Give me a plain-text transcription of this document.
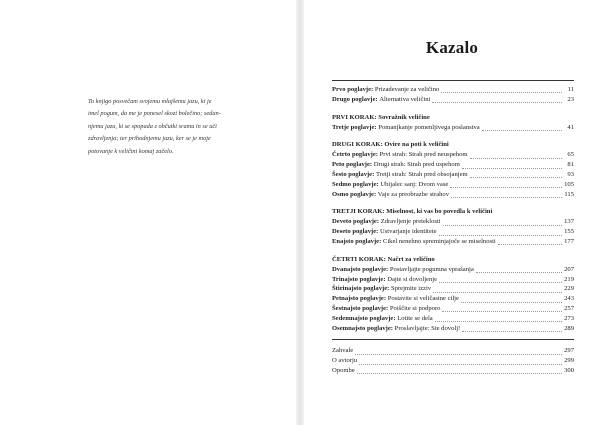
To knjigo posvečam svojemu mlajšemu jazu, ki je
imel pogum, da me je ponesel skozi bolečino; sedan-
njemu jazu, ki se spopada z občutki sramu in se uči
zdravljenja; ter prihodnjemu jazu, ker se je moje
potovanje k veličini komaj začelo.
Kazalo
Prvo poglavje:
Prizadevanje za veličino	11
Drugo poglavje:
Alternativa veličini	23
PRVI KORAK: Sovražnik veličine
Tretje poglavje:
Pomanjkanje pomenljivega poslanstva	41
DRUGI KORAK: Ovire na poti k veličini
Četrto poglavje:
Prvi strah: Strah pred neuspehom	65
Peto poglavje:
Drugi strah: Strah pred uspehom	81
Šesto poglavje:
Tretji strah: Strah pred obsojanjem	93
Sedmo poglavje:
Ubijalec sanj: Dvom vase	105
Osmo poglavje:
Vaje za preobrazbe strahov	115
TRETJI KORAK: Miselnost, ki vas bo povedla k veličini
Deveto poglavje:
Zdravljenje preteklosti	137
Deseto poglavje:
Ustvarjanje identitete	155
Enajsto poglavje:
Cikel nenehno spreminjajoče se miselnosti	177
ČETRTI KORAK: Načrt za veličino
Dvanajsto poglavje:
Postavljajte pogumna vprašanja	207
Trinajsto poglavje:
Dajte si dovoljenje	219
Štirinajsto poglavje:
Sprejmite izziv	229
Petnajsto poglavje:
Postavite si veličastne cilje	243
Šestnajsto poglavje:
Poiščite si podporo	257
Sedemnajsto poglavje:
Lotite se dela	273
Osemnajsto poglavje:
Proslavljajte: Ste dovolj!	289
Zahvale	297
O avtorju	299
Opombe	300
